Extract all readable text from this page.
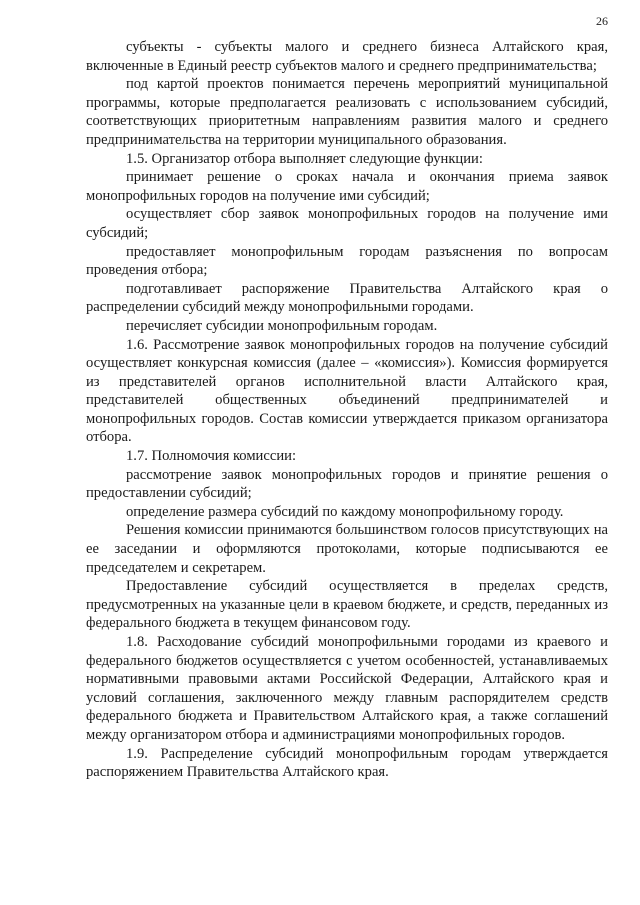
26

субъекты - субъекты малого и среднего бизнеса Алтайского края, включенные в Единый реестр субъектов малого и среднего предпринимательства;

под картой проектов понимается перечень мероприятий муниципальной программы, которые предполагается реализовать с использованием субсидий, соответствующих приоритетным направлениям развития малого и среднего предпринимательства на территории муниципального образования.

1.5. Организатор отбора выполняет следующие функции:

принимает решение о сроках начала и окончания приема заявок монопрофильных городов на получение ими субсидий;

осуществляет сбор заявок монопрофильных городов на получение ими субсидий;

предоставляет монопрофильным городам разъяснения по вопросам проведения отбора;

подготавливает распоряжение Правительства Алтайского края о распределении субсидий между монопрофильными городами.

перечисляет субсидии монопрофильным городам.

1.6. Рассмотрение заявок монопрофильных городов на получение субсидий осуществляет конкурсная комиссия (далее – «комиссия»). Комиссия формируется из представителей органов исполнительной власти Алтайского края, представителей общественных объединений предпринимателей и монопрофильных городов. Состав комиссии утверждается приказом организатора отбора.

1.7. Полномочия комиссии:

рассмотрение заявок монопрофильных городов и принятие решения о предоставлении субсидий;

определение размера субсидий по каждому монопрофильному городу.

Решения комиссии принимаются большинством голосов присутствующих на ее заседании и оформляются протоколами, которые подписываются ее председателем и секретарем.

Предоставление субсидий осуществляется в пределах средств, предусмотренных на указанные цели в краевом бюджете, и средств, переданных из федерального бюджета в текущем финансовом году.

1.8. Расходование субсидий монопрофильными городами из краевого и федерального бюджетов осуществляется с учетом особенностей, устанавливаемых нормативными правовыми актами Российской Федерации, Алтайского края и условий соглашения, заключенного между главным распорядителем средств федерального бюджета и Правительством Алтайского края, а также соглашений между организатором отбора и администрациями монопрофильных городов.

1.9. Распределение субсидий монопрофильным городам утверждается распоряжением Правительства Алтайского края.
